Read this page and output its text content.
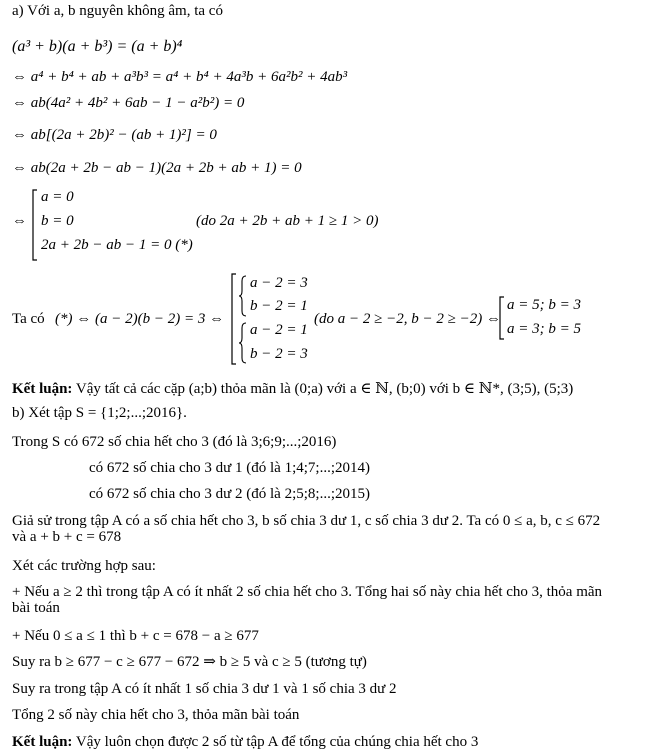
a) Với a, b nguyên không âm, ta có
(a³ + b)(a + b³) = (a + b)⁴
⇔ a⁴ + b⁴ + ab + a³b³ = a⁴ + b⁴ + 4a³b + 6a²b² + 4ab³
⇔ ab(4a² + 4b² + 6ab − 1 − a²b²) = 0
⇔ ab[(2a + 2b)² − (ab + 1)²] = 0
⇔ ab(2a + 2b − ab − 1)(2a + 2b + ab + 1) = 0
⇔
a = 0
b = 0
2a + 2b − ab − 1 = 0 (*)
(do 2a + 2b + ab + 1 ≥ 1 > 0)
Ta có (*) ⇔ (a − 2)(b − 2) = 3 ⇔
a − 2 = 3
b − 2 = 1
a − 2 = 1
b − 2 = 3
(do a − 2 ≥ −2, b − 2 ≥ −2) ⇔
a = 5; b = 3
a = 3; b = 5
Kết luận: Vậy tất cả các cặp (a;b) thỏa mãn là (0;a) với a ∈ ℕ, (b;0) với b ∈ ℕ*, (3;5), (5;3)
b) Xét tập S = {1;2;...;2016}.
Trong S có 672 số chia hết cho 3 (đó là 3;6;9;...;2016)
có 672 số chia cho 3 dư 1 (đó là 1;4;7;...;2014)
có 672 số chia cho 3 dư 2 (đó là 2;5;8;...;2015)
Giả sử trong tập A có a số chia hết cho 3, b số chia 3 dư 1, c số chia 3 dư 2. Ta có 0 ≤ a, b, c ≤ 672
và a + b + c = 678
Xét các trường hợp sau:
+ Nếu a ≥ 2 thì trong tập A có ít nhất 2 số chia hết cho 3. Tổng hai số này chia hết cho 3, thỏa mãn
bài toán
+ Nếu 0 ≤ a ≤ 1 thì b + c = 678 − a ≥ 677
Suy ra b ≥ 677 − c ≥ 677 − 672 ⇒ b ≥ 5 và c ≥ 5 (tương tự)
Suy ra trong tập A có ít nhất 1 số chia 3 dư 1 và 1 số chia 3 dư 2
Tổng 2 số này chia hết cho 3, thỏa mãn bài toán
Kết luận: Vậy luôn chọn được 2 số từ tập A để tổng của chúng chia hết cho 3
